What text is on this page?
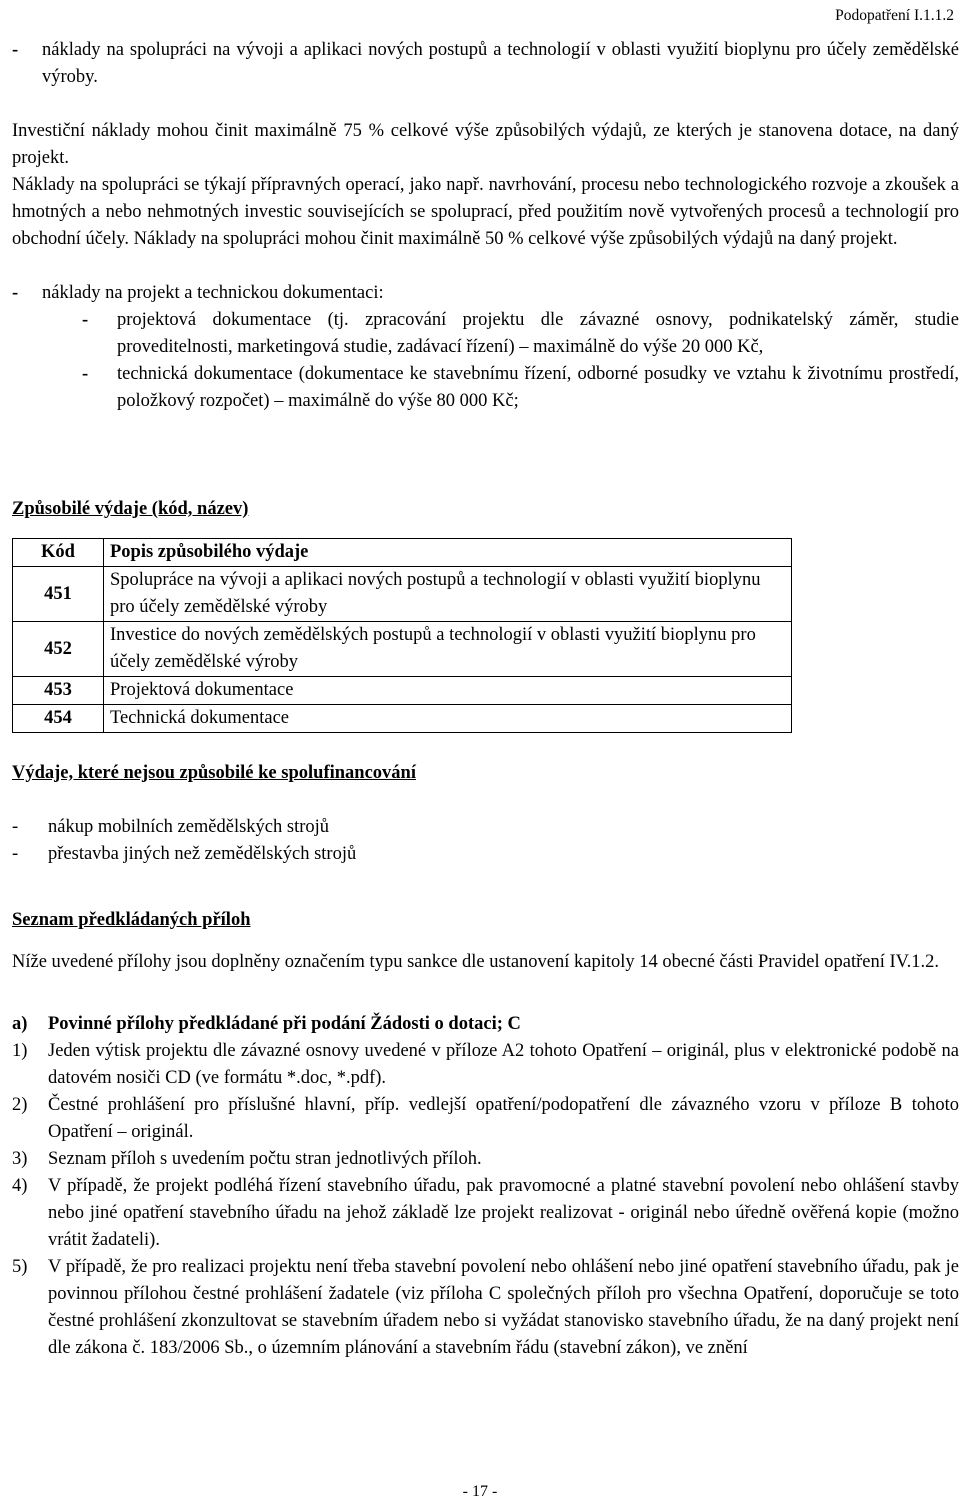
Podopatření I.1.1.2
-	náklady na spolupráci na vývoji a aplikaci nových postupů a technologií v oblasti využití bioplynu pro účely zemědělské výroby.

Investiční náklady mohou činit maximálně 75 % celkové výše způsobilých výdajů, ze kterých je stanovena dotace, na daný projekt.

Náklady na spolupráci se týkají přípravných operací, jako např. navrhování, procesu nebo technologického rozvoje a zkoušek a hmotných a nebo nehmotných investic souvisejících se spoluprací, před použitím nově vytvořených procesů a technologií pro obchodní účely. Náklady na spolupráci mohou činit maximálně 50 % celkové výše způsobilých výdajů na daný projekt.

-	náklady na projekt a technickou dokumentaci:
-	projektová dokumentace (tj. zpracování projektu dle závazné osnovy, podnikatelský záměr, studie proveditelnosti, marketingová studie, zadávací řízení) – maximálně do výše 20 000 Kč,
-	technická dokumentace (dokumentace ke stavebnímu řízení, odborné posudky ve vztahu k životnímu prostředí, položkový rozpočet) – maximálně do výše 80 000 Kč;
Způsobilé výdaje (kód, název)
Kód	Popis způsobilého výdaje
451	Spolupráce na vývoji a aplikaci nových postupů a technologií v oblasti využití bioplynu pro účely zemědělské výroby
452	Investice do nových zemědělských postupů a technologií v oblasti využití bioplynu pro účely zemědělské výroby
453	Projektová dokumentace
454	Technická dokumentace
Výdaje, které nejsou způsobilé ke spolufinancování
-	nákup mobilních zemědělských strojů
-	přestavba jiných než zemědělských strojů
Seznam předkládaných příloh

Níže uvedené přílohy jsou doplněny označením typu sankce dle ustanovení kapitoly 14 obecné části Pravidel opatření IV.1.2.

a)	Povinné přílohy předkládané při podání Žádosti o dotaci; C
1)	Jeden výtisk projektu dle závazné osnovy uvedené v příloze A2 tohoto Opatření – originál, plus v elektronické podobě na datovém nosiči CD (ve formátu *.doc, *.pdf).
2)	Čestné prohlášení pro příslušné hlavní, příp. vedlejší opatření/podopatření dle závazného vzoru v příloze B tohoto Opatření – originál.
3)	Seznam příloh s uvedením počtu stran jednotlivých příloh.
4)	V případě, že projekt podléhá řízení stavebního úřadu, pak pravomocné a platné stavební povolení nebo ohlášení stavby nebo jiné opatření stavebního úřadu na jehož základě lze projekt realizovat - originál nebo úředně ověřená kopie (možno vrátit žadateli).
5)	V případě, že pro realizaci projektu není třeba stavební povolení nebo ohlášení nebo jiné opatření stavebního úřadu, pak je povinnou přílohou čestné prohlášení žadatele (viz příloha C společných příloh pro všechna Opatření, doporučuje se toto čestné prohlášení zkonzultovat se stavebním úřadem nebo si vyžádat stanovisko stavebního úřadu, že na daný projekt není dle zákona č. 183/2006 Sb., o územním plánování a stavebním řádu (stavební zákon), ve znění
- 17 -
